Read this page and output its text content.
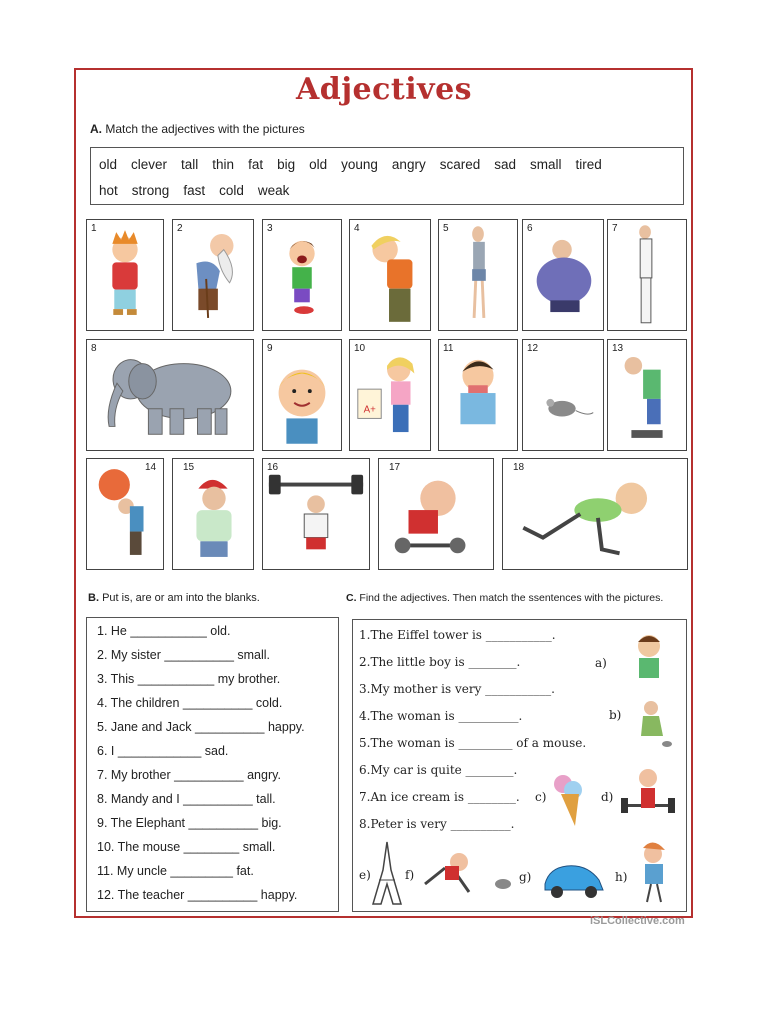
Adjectives
A. Match the adjectives with the pictures
old clever tall thin fat big old young angry scared sad small tired
hot strong fast cold weak
1	2	3	4	5	6	7
8	9	10
A+
11	12	13
14	15	16	17	18
B. Put is, are or am into the blanks.
1. He ___________ old.
2. My sister __________ small.
3. This ___________ my brother.
4. The children __________ cold.
5. Jane and Jack __________ happy.
6. I ____________ sad.
7. My brother __________ angry.
8. Mandy and I __________ tall.
9. The Elephant __________ big.
10. The mouse ________ small.
11. My uncle _________ fat.
12. The teacher __________ happy.
C. Find the adjectives. Then match the ssentences with the pictures.
1.The Eiffel tower is ___________.
2.The little boy is ________.
3.My mother is very ___________.
4.The woman is __________.
5.The woman is _________ of a mouse.
6.My car is quite ________.
7.An ice cream is ________.
8.Peter is very __________.
a)
b)
c)	d)
e)	f)	g)	h)
iSLCollective.com
